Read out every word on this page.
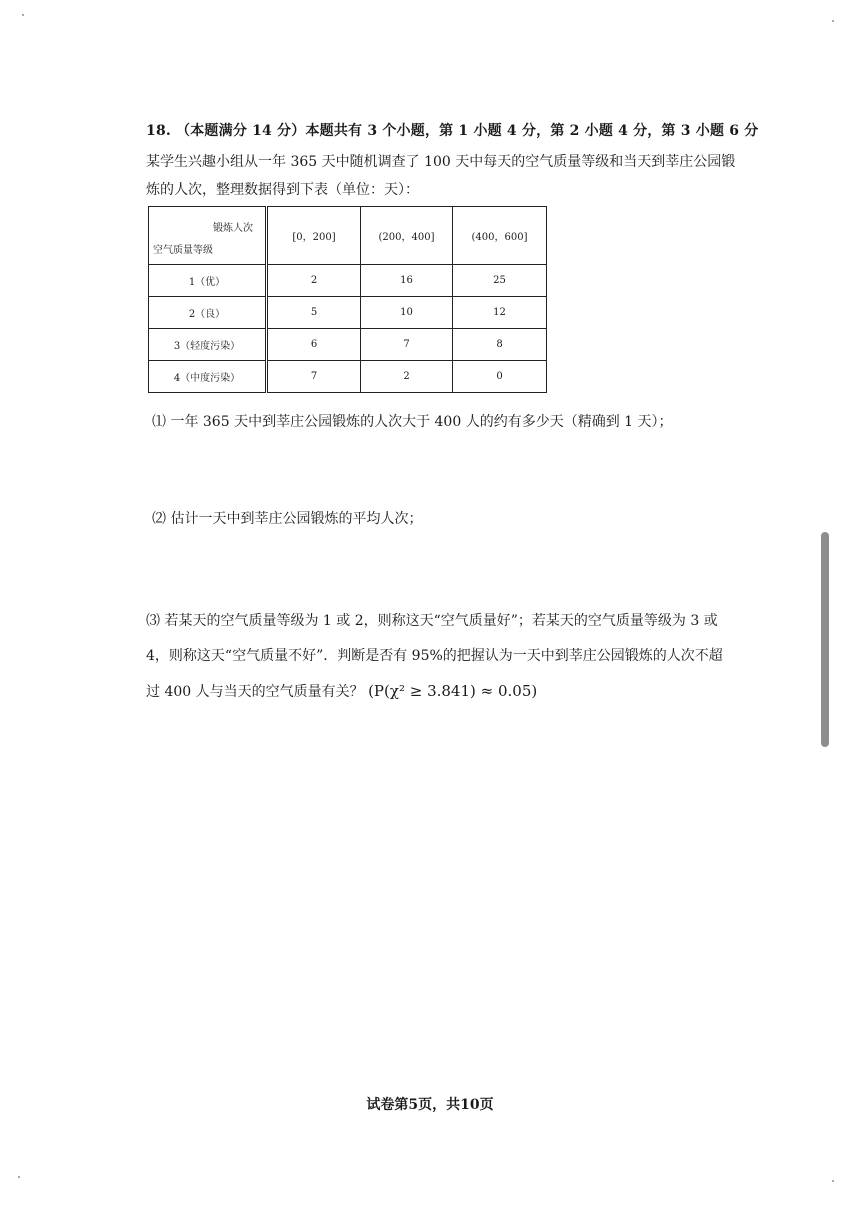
18. （本题满分 14 分）本题共有 3 个小题，第 1 小题 4 分，第 2 小题 4 分，第 3 小题 6 分
某学生兴趣小组从一年 365 天中随机调查了 100 天中每天的空气质量等级和当天到莘庄公园锻炼的人次，整理数据得到下表（单位：天）：
锻炼人次
空气质量等级	[0，200]	(200，400]	(400，600]
1（优）	2	16	25
2（良）	5	10	12
3（轻度污染）	6	7	8
4（中度污染）	7	2	0
⑴ 一年 365 天中到莘庄公园锻炼的人次大于 400 人的约有多少天（精确到 1 天）；
⑵ 估计一天中到莘庄公园锻炼的平均人次；
⑶ 若某天的空气质量等级为 1 或 2，则称这天“空气质量好”；若某天的空气质量等级为 3 或 4，则称这天“空气质量不好”．判断是否有 95%的把握认为一天中到莘庄公园锻炼的人次不超过 400 人与当天的空气质量有关？ (P(χ² ≥ 3.841) ≈ 0.05)
试卷第5页，共10页
